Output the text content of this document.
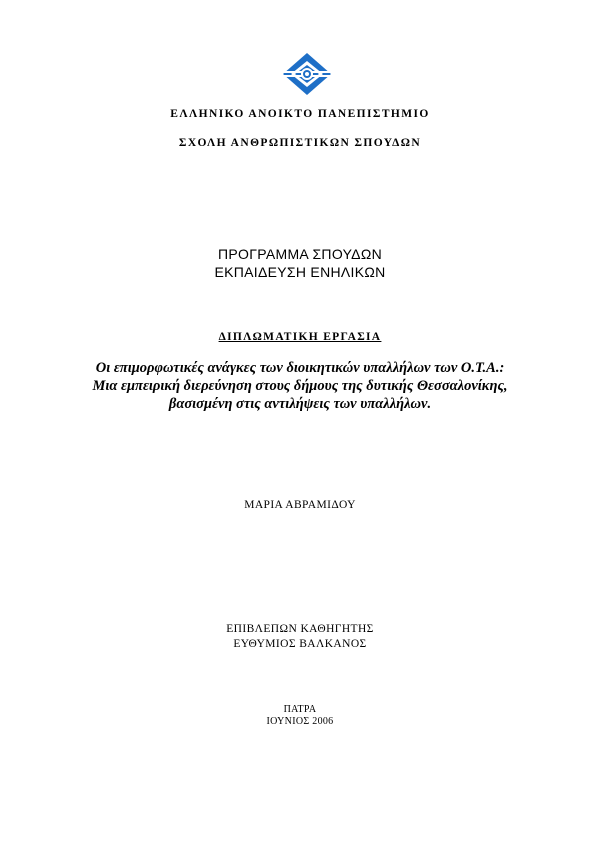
ΕΛΛΗΝΙΚΟ ΑΝΟΙΚΤΟ ΠΑΝΕΠΙΣΤΗΜΙΟ
ΣΧΟΛΗ ΑΝΘΡΩΠΙΣΤΙΚΩΝ ΣΠΟΥΔΩΝ
ΠΡΟΓΡΑΜΜΑ ΣΠΟΥΔΩΝ
ΕΚΠΑΙΔΕΥΣΗ ΕΝΗΛΙΚΩΝ
ΔΙΠΛΩΜΑΤΙΚΗ ΕΡΓΑΣΙΑ
Οι επιμορφωτικές ανάγκες των διοικητικών υπαλλήλων των Ο.Τ.Α.:
Μια εμπειρική διερεύνηση στους δήμους της δυτικής Θεσσαλονίκης,
βασισμένη στις αντιλήψεις των υπαλλήλων.
ΜΑΡΙΑ ΑΒΡΑΜΙΔΟΥ
ΕΠΙΒΛΕΠΩΝ ΚΑΘΗΓΗΤΗΣ
ΕΥΘΥΜΙΟΣ ΒΑΛΚΑΝΟΣ
ΠΑΤΡΑ
ΙΟΥΝΙΟΣ 2006
